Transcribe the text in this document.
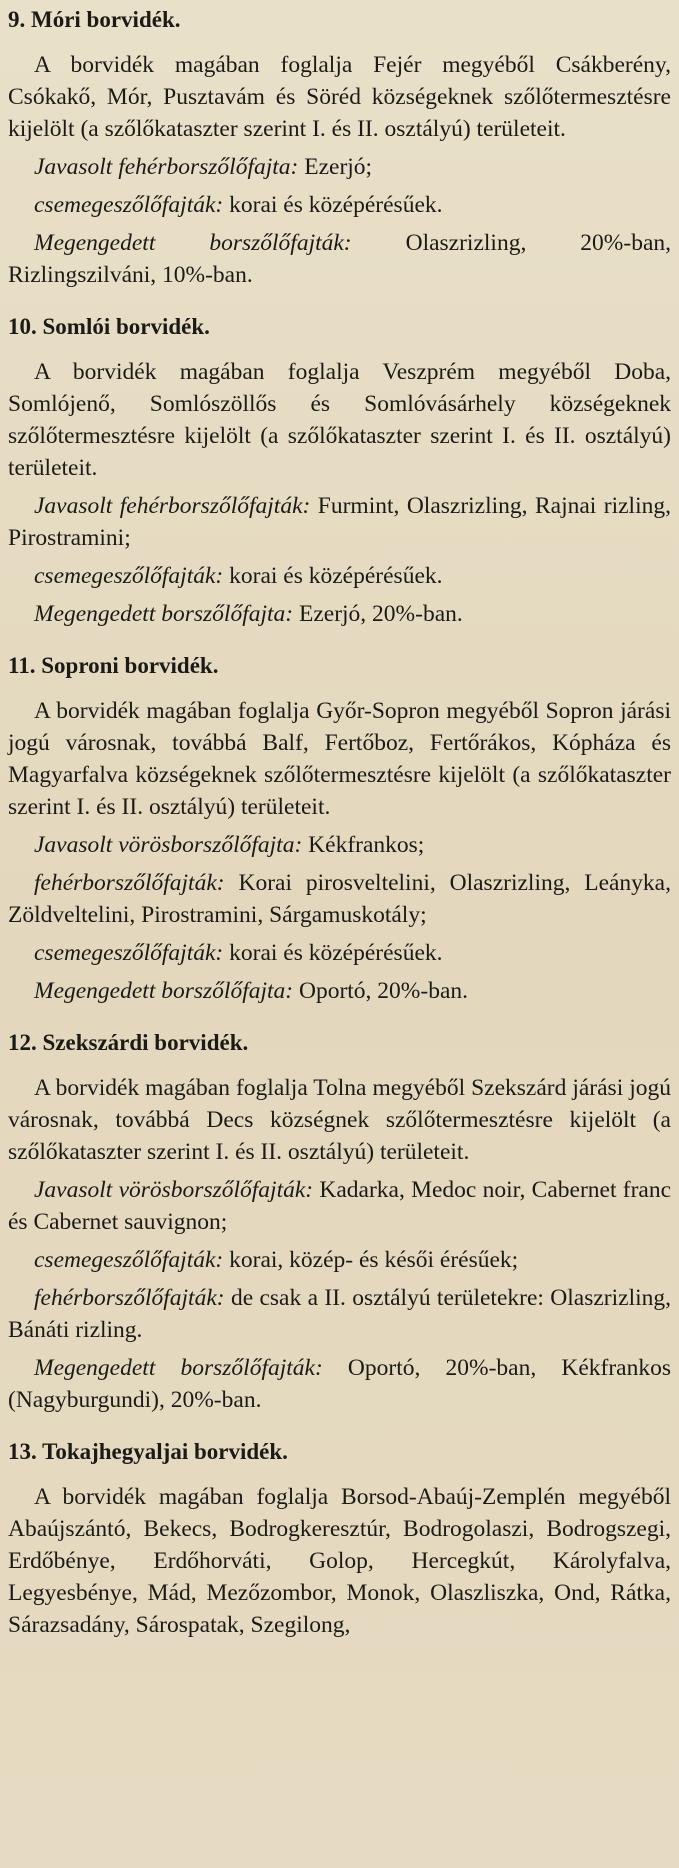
9. Móri borvidék.
A borvidék magában foglalja Fejér megyéből Csákberény, Csókakő, Mór, Pusztavám és Söréd községeknek szőlőtermesztésre kijelölt (a szőlőkataszter szerint I. és II. osztályú) területeit.
Javasolt fehérborszőlőfajta: Ezerjó;
csemegeszőlőfajták: korai és középérésűek.
Megengedett borszőlőfajták: Olaszrizling, 20%-ban, Rizlingszilváni, 10%-ban.
10. Somlói borvidék.
A borvidék magában foglalja Veszprém megyéből Doba, Somlójenő, Somlószöllős és Somlóvásárhely községeknek szőlőtermesztésre kijelölt (a szőlőkataszter szerint I. és II. osztályú) területeit.
Javasolt fehérborszőlőfajták: Furmint, Olaszrizling, Rajnai rizling, Pirostramini;
csemegeszőlőfajták: korai és középérésűek.
Megengedett borszőlőfajta: Ezerjó, 20%-ban.
11. Soproni borvidék.
A borvidék magában foglalja Győr-Sopron megyéből Sopron járási jogú városnak, továbbá Balf, Fertőboz, Fertőrákos, Kópháza és Magyarfalva községeknek szőlőtermesztésre kijelölt (a szőlőkataszter szerint I. és II. osztályú) területeit.
Javasolt vörösborszőlőfajta: Kékfrankos;
fehérborszőlőfajták: Korai pirosveltelini, Olaszrizling, Leányka, Zöldveltelini, Pirostramini, Sárgamuskotály;
csemegeszőlőfajták: korai és középérésűek.
Megengedett borszőlőfajta: Oportó, 20%-ban.
12. Szekszárdi borvidék.
A borvidék magában foglalja Tolna megyéből Szekszárd járási jogú városnak, továbbá Decs községnek szőlőtermesztésre kijelölt (a szőlőkataszter szerint I. és II. osztályú) területeit.
Javasolt vörösborszőlőfajták: Kadarka, Medoc noir, Cabernet franc és Cabernet sauvignon;
csemegeszőlőfajták: korai, közép- és késői érésűek;
fehérborszőlőfajták: de csak a II. osztályú területekre: Olaszrizling, Bánáti rizling.
Megengedett borszőlőfajták: Oportó, 20%-ban, Kékfrankos (Nagyburgundi), 20%-ban.
13. Tokajhegyaljai borvidék.
A borvidék magában foglalja Borsod-Abaúj-Zemplén megyéből Abaújszántó, Bekecs, Bodrogkeresztúr, Bodrogolaszi, Bodrogszegi, Erdőbénye, Erdőhorváti, Golop, Hercegkút, Károlyfalva, Legyesbénye, Mád, Mezőzombor, Monok, Olaszliszka, Ond, Rátka, Sárazsadány, Sárospatak, Szegilong,
